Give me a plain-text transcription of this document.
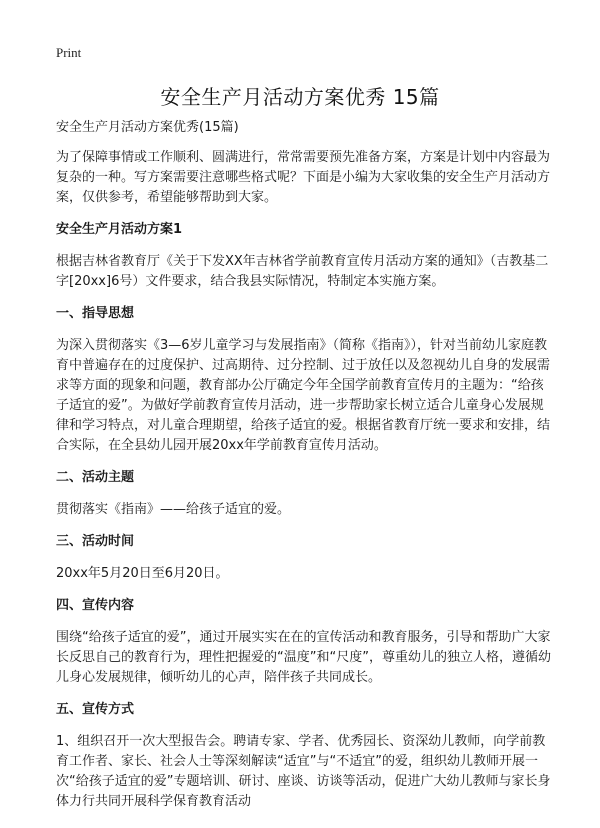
Print
安全生产月活动方案优秀 15篇

安全生产月活动方案优秀(15篇)

为了保障事情或工作顺利、圆满进行，常常需要预先准备方案，方案是计划中内容最为复杂的一种。写方案需要注意哪些格式呢？下面是小编为大家收集的安全生产月活动方案，仅供参考，希望能够帮助到大家。

安全生产月活动方案1

根据吉林省教育厅《关于下发XX年吉林省学前教育宣传月活动方案的通知》（吉教基二字[20xx]6号）文件要求，结合我县实际情况，特制定本实施方案。

一、指导思想

为深入贯彻落实《3—6岁儿童学习与发展指南》（简称《指南》），针对当前幼儿家庭教育中普遍存在的过度保护、过高期待、过分控制、过于放任以及忽视幼儿自身的发展需求等方面的现象和问题，教育部办公厅确定今年全国学前教育宣传月的主题为：“给孩子适宜的爱”。为做好学前教育宣传月活动，进一步帮助家长树立适合儿童身心发展规律和学习特点，对儿童合理期望，给孩子适宜的爱。根据省教育厅统一要求和安排，结合实际，在全县幼儿园开展20xx年学前教育宣传月活动。

二、活动主题

贯彻落实《指南》——给孩子适宜的爱。

三、活动时间

20xx年5月20日至6月20日。

四、宣传内容

围绕“给孩子适宜的爱”，通过开展实实在在的宣传活动和教育服务，引导和帮助广大家长反思自己的教育行为，理性把握爱的“温度”和“尺度”，尊重幼儿的独立人格，遵循幼儿身心发展规律，倾听幼儿的心声，陪伴孩子共同成长。

五、宣传方式

1、组织召开一次大型报告会。聘请专家、学者、优秀园长、资深幼儿教师，向学前教育工作者、家长、社会人士等深刻解读“适宜”与“不适宜”的爱，组织幼儿教师开展一次“给孩子适宜的爱”专题培训、研讨、座谈、访谈等活动，促进广大幼儿教师与家长身体力行共同开展科学保育教育活动
